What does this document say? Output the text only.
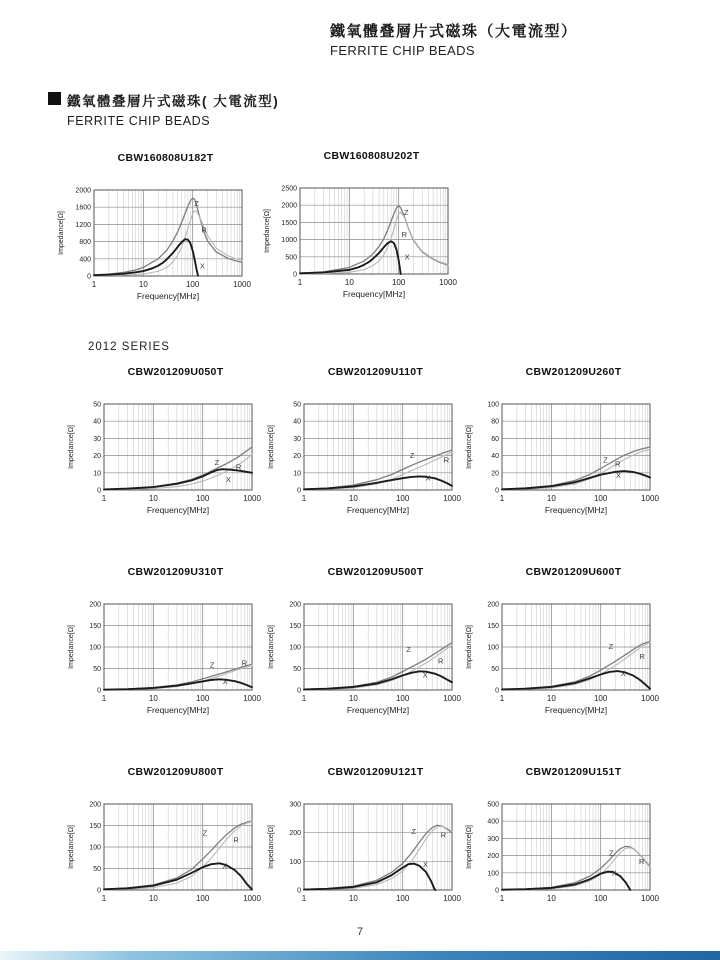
鐵氧體叠層片式磁珠（大電流型）
FERRITE CHIP BEADS
鐵氧體叠層片式磁珠( 大電流型)
FERRITE CHIP BEADS
2012 SERIES
CBW160808U182T
0
400
800
1200
1600
2000
1	10	100	1000
Impedance[Ω]
Frequency[MHz]
Z
R
X
CBW160808U202T
0
500
1000
1500
2000
2500
1	10	100	1000
Impedance[Ω]
Frequency[MHz]
Z
R
X
CBW201209U050T
0
10
20
30
40
50
1	10	100	1000
Impedance[Ω]
Frequency[MHz]
Z
R
X
CBW201209U110T
0
10
20
30
40
50
1	10	100	1000
Impedance[Ω]
Frequency[MHz]
Z	R
X
CBW201209U260T
0
20
40
60
80
100
1	10	100	1000
Impedance[Ω]
Frequency[MHz]
Z R
X
CBW201209U310T
0
50
100
150
200
1	10	100	1000
Impedance[Ω]
Frequency[MHz]
Z	R
X
CBW201209U500T
0
50
100
150
200
1	10	100	1000
Impedance[Ω]
Frequency[MHz]
Z
R
X
CBW201209U600T
0
50
100
150
200
1	10	100	1000
Impedance[Ω]
Frequency[MHz]
Z
R
X
CBW201209U800T
0
50
100
150
200
1	10	100	1000
Impedance[Ω]	Z
R
X
CBW201209U121T
0
100
200
300
1	10	100	1000
Impedance[Ω]	Z	R
X
CBW201209U151T
0
100
200
300
400
500
1	10	100	1000
Impedance[Ω]	Z
R
X
7
